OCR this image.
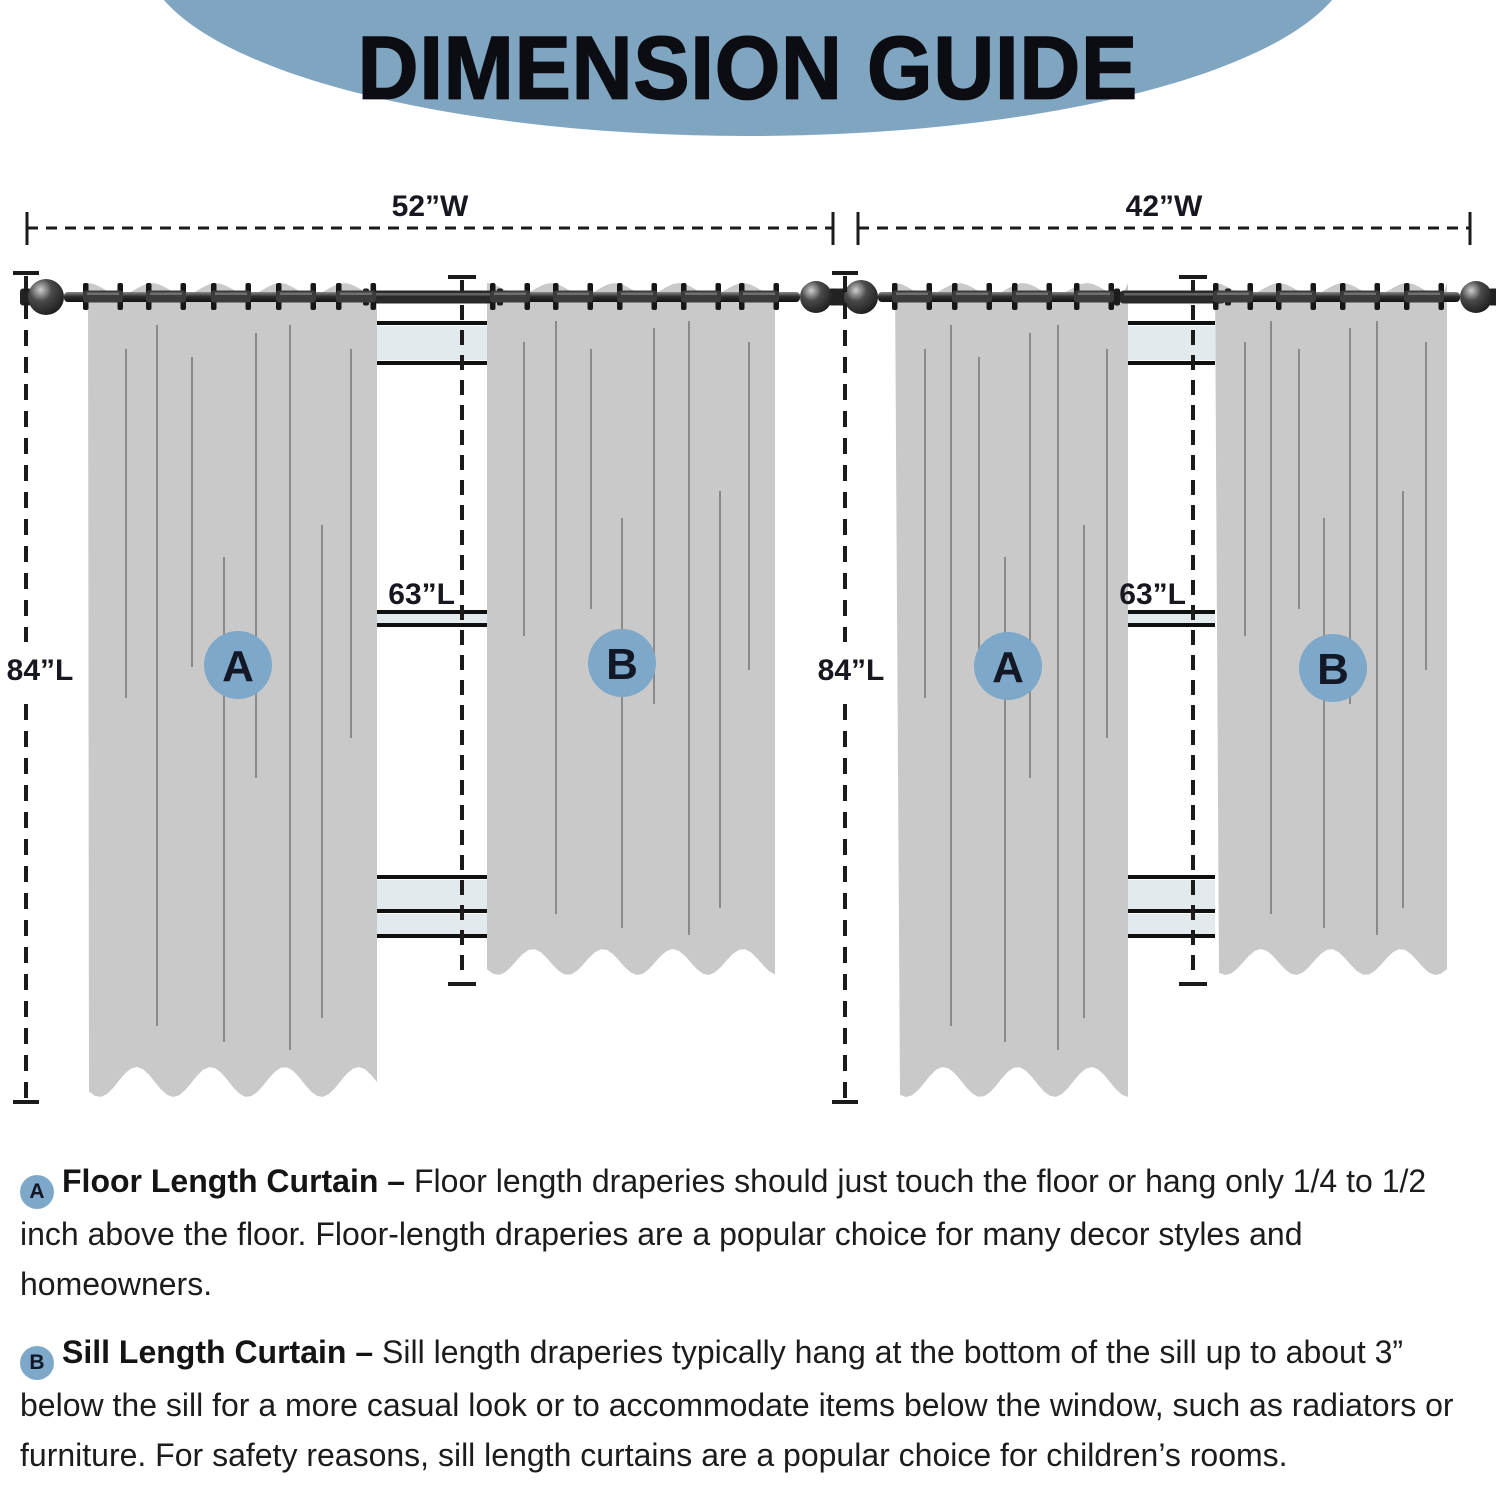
DIMENSION GUIDE
52”W
84”L
63”L
A	B
42”W
84”L
63”L
A	B

A Floor Length Curtain – Floor length draperies should just touch the floor or hang only 1/4 to 1/2 inch above the floor. Floor-length draperies are a popular choice for many decor styles and homeowners.

B Sill Length Curtain – Sill length draperies typically hang at the bottom of the sill up to about 3” below the sill for a more casual look or to accommodate items below the window, such as radiators or furniture. For safety reasons, sill length curtains are a popular choice for children’s rooms.
